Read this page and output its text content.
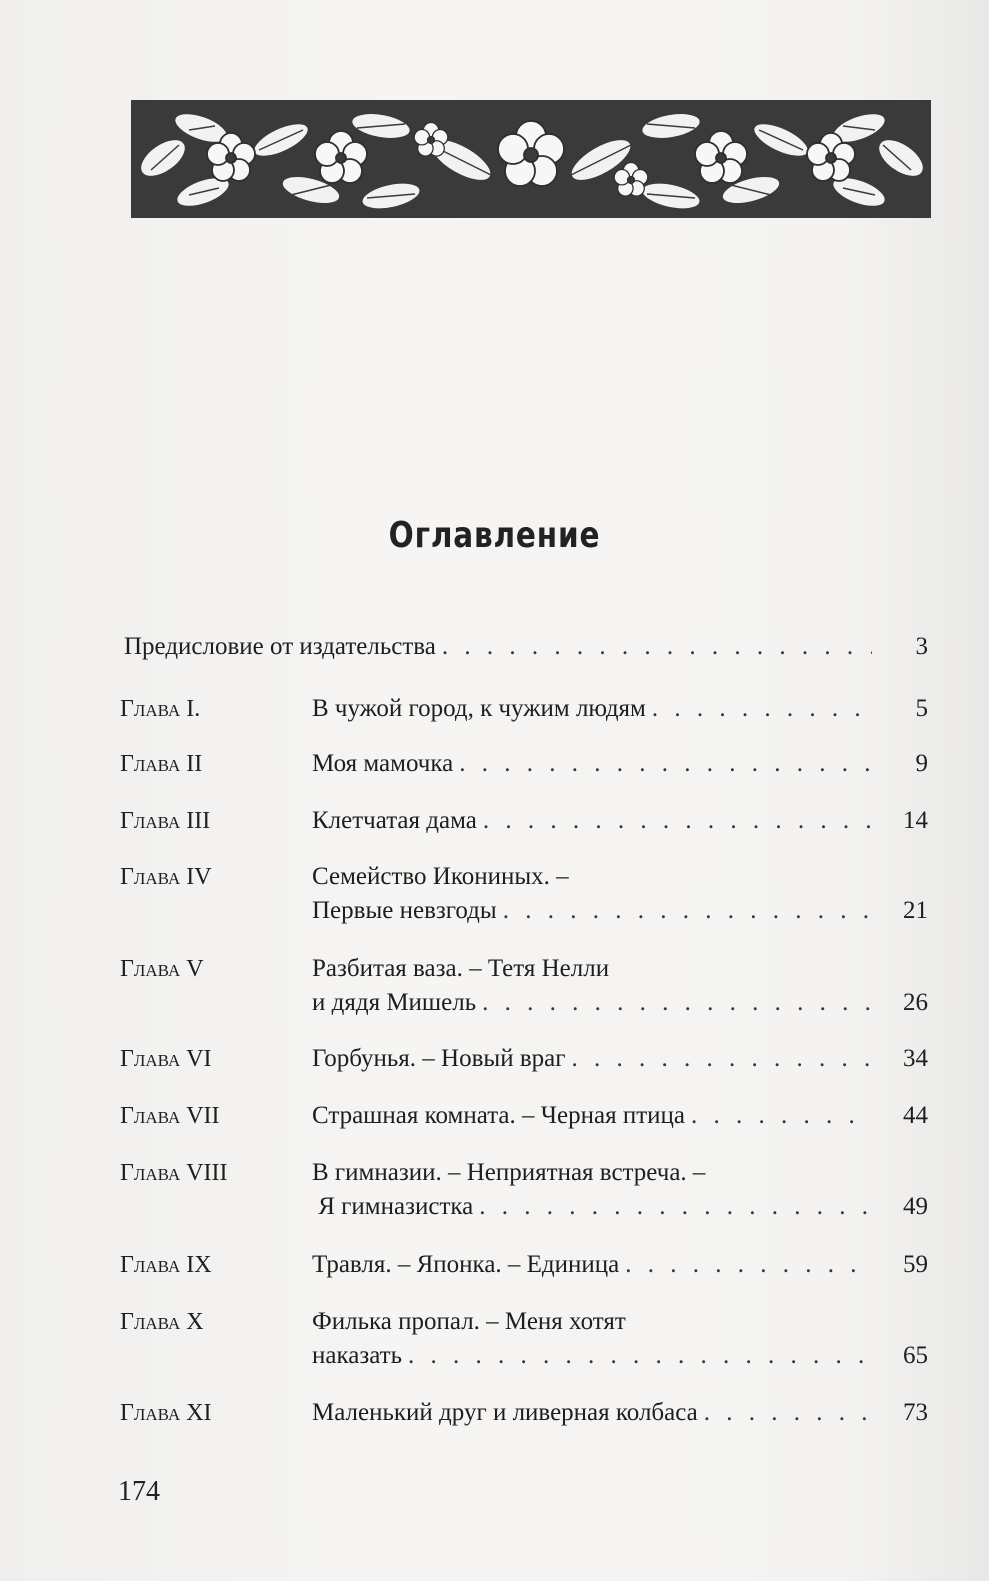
Оглавление
Предисловие от издательства . . .	3
Глава I.	В чужой город, к чужим людям . . .	5
Глава II	Моя мамочка . . .	9
Глава III	Клетчатая дама . . .	14
Глава IV	Семейство Икониных. –
Первые невзгоды . . .	21
Глава V	Разбитая ваза. – Тетя Нелли
и дядя Мишель . . .	26
Глава VI	Горбунья. – Новый враг . . .	34
Глава VII	Страшная комната. – Черная птица . . .	44
Глава VIII	В гимназии. – Неприятная встреча. –
Я гимназистка . . .	49
Глава IX	Травля. – Японка. – Единица . . .	59
Глава X	Филька пропал. – Меня хотят
наказать . . .	65
Глава XI	Маленький друг и ливерная колбаса . . .	73
174
